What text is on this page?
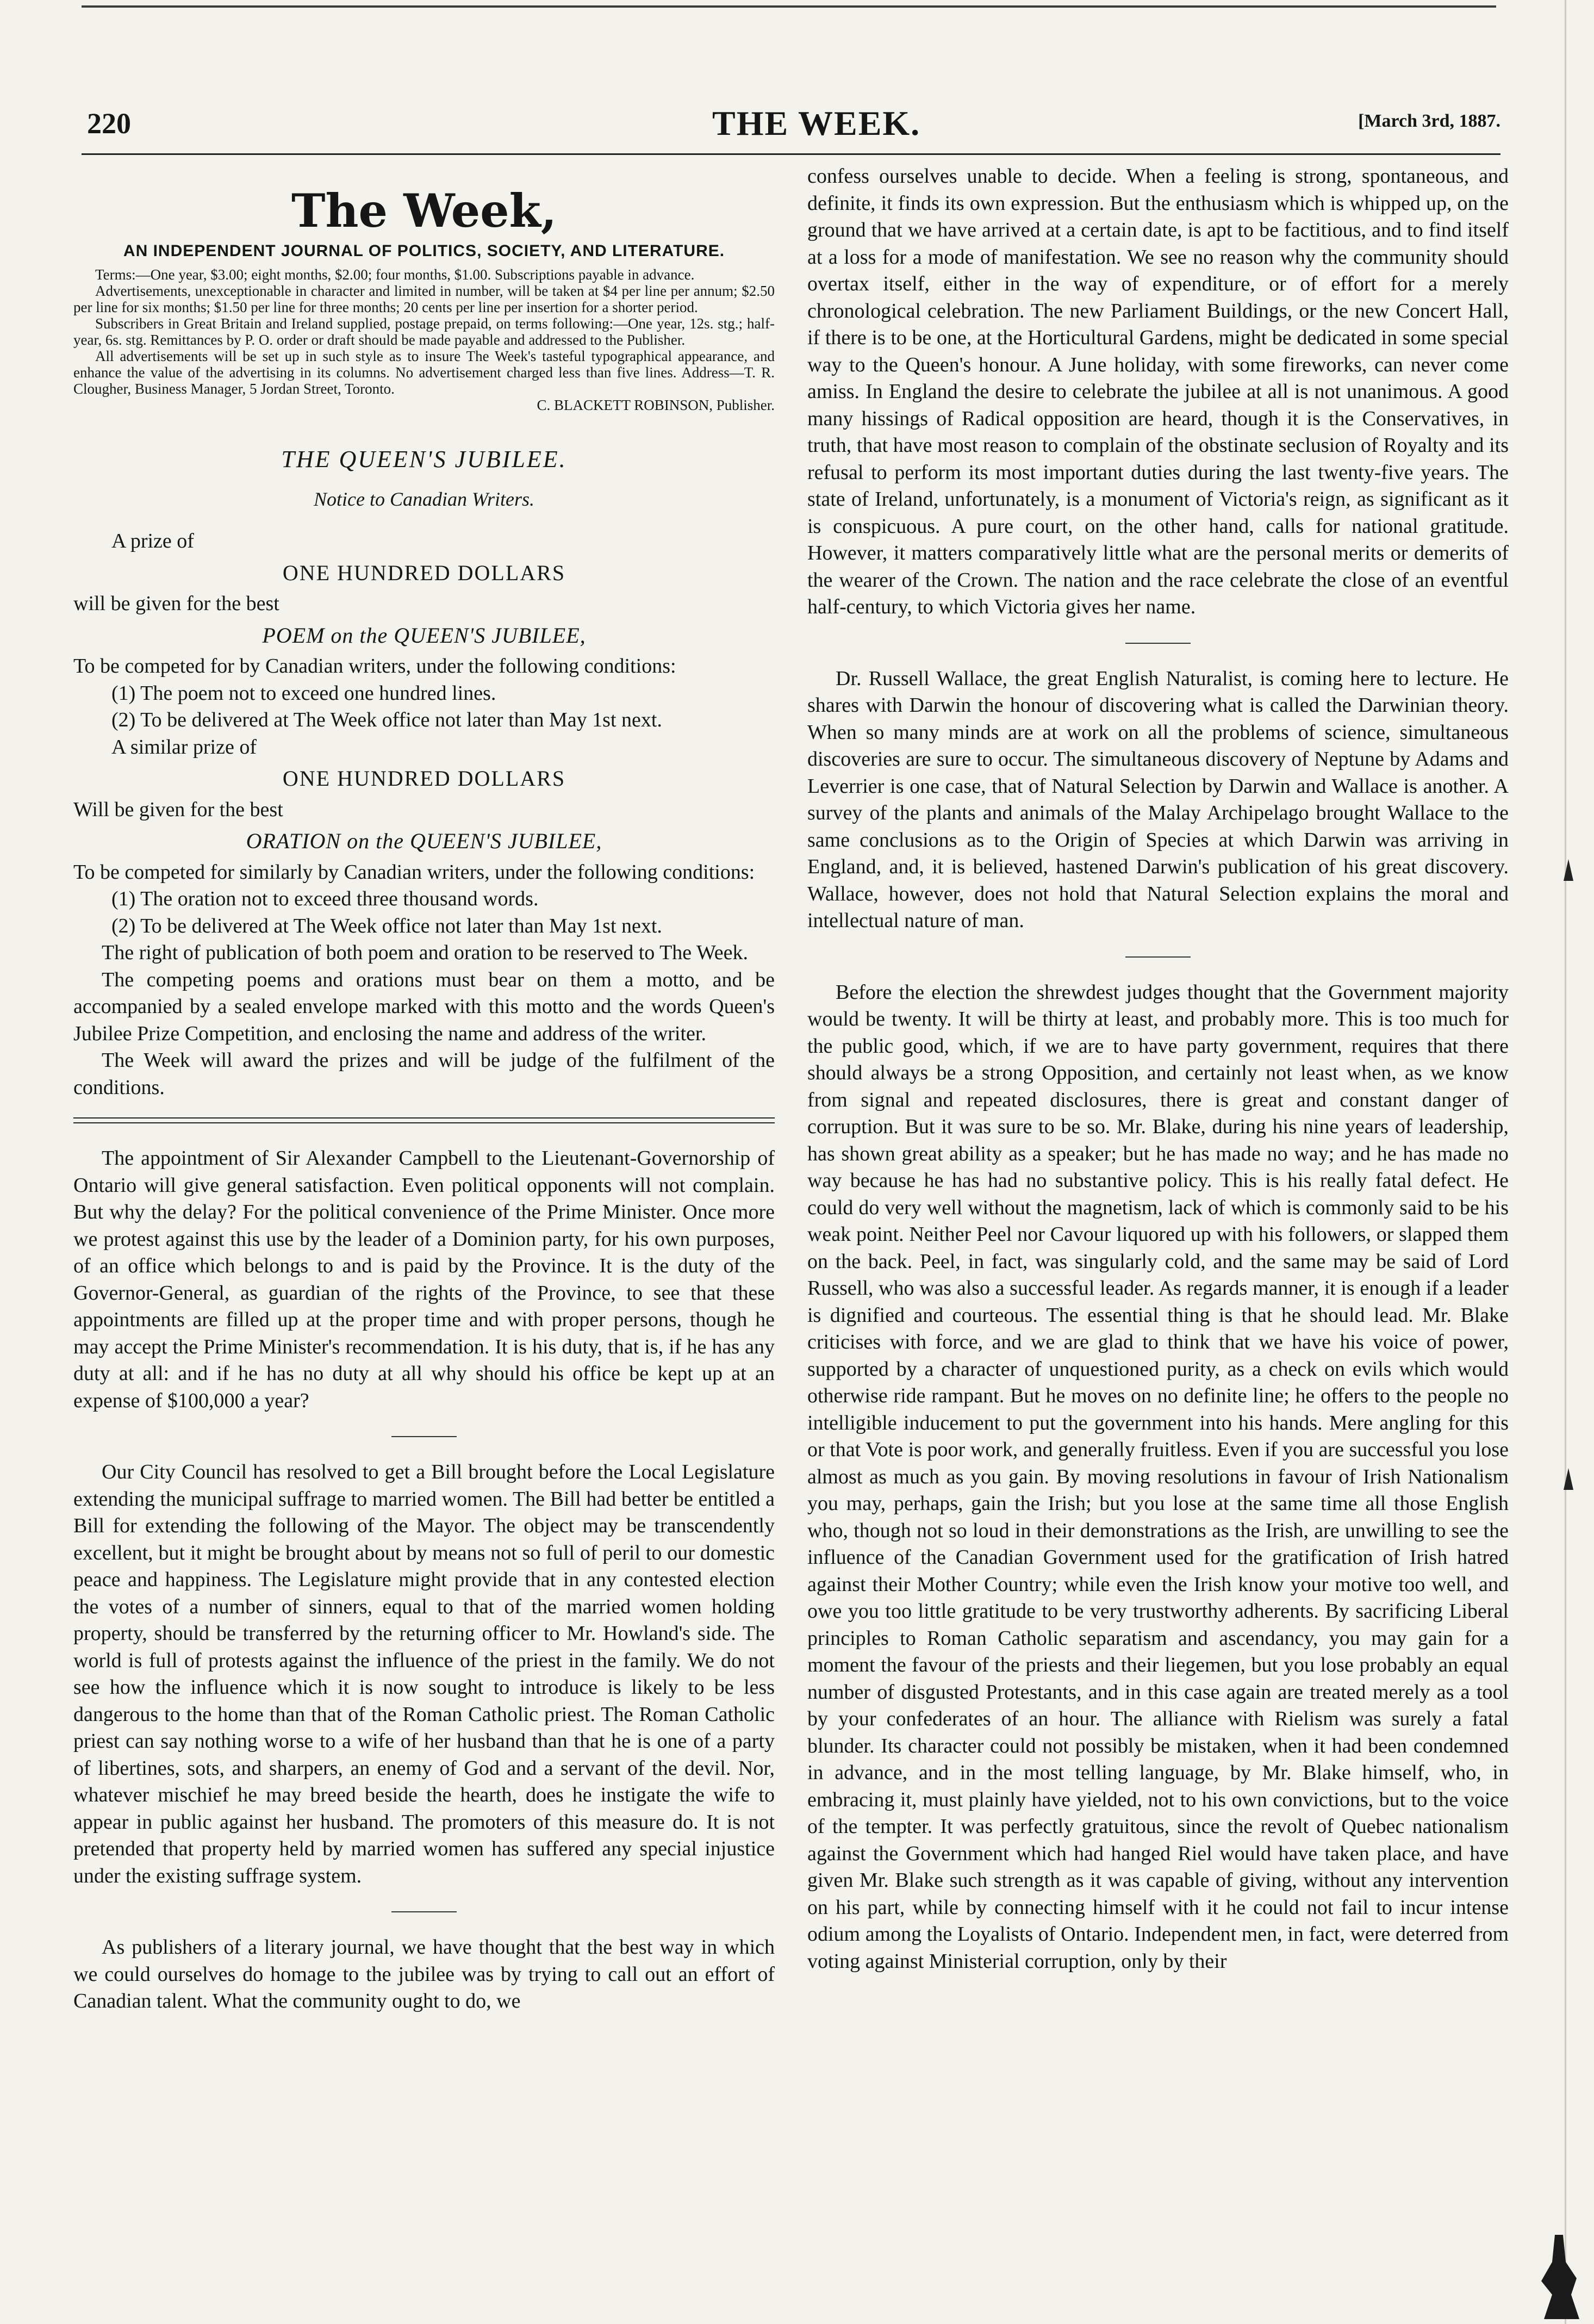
220	THE WEEK.	[March 3rd, 1887.
The Week,
AN INDEPENDENT JOURNAL OF POLITICS, SOCIETY, AND LITERATURE.

Terms:—One year, $3.00; eight months, $2.00; four months, $1.00. Subscriptions payable in advance.

Advertisements, unexceptionable in character and limited in number, will be taken at $4 per line per annum; $2.50 per line for six months; $1.50 per line for three months; 20 cents per line per insertion for a shorter period.

Subscribers in Great Britain and Ireland supplied, postage prepaid, on terms following:—One year, 12s. stg.; half-year, 6s. stg. Remittances by P. O. order or draft should be made payable and addressed to the Publisher.

All advertisements will be set up in such style as to insure The Week's tasteful typographical appearance, and enhance the value of the advertising in its columns. No advertisement charged less than five lines. Address—T. R. Clougher, Business Manager, 5 Jordan Street, Toronto.

C. BLACKETT ROBINSON, Publisher.

THE QUEEN'S JUBILEE.
Notice to Canadian Writers.

A prize of

ONE HUNDRED DOLLARS

will be given for the best

POEM on the QUEEN'S JUBILEE,

To be competed for by Canadian writers, under the following conditions:

(1) The poem not to exceed one hundred lines.

(2) To be delivered at The Week office not later than May 1st next.

A similar prize of

ONE HUNDRED DOLLARS

Will be given for the best

ORATION on the QUEEN'S JUBILEE,

To be competed for similarly by Canadian writers, under the following conditions:

(1) The oration not to exceed three thousand words.

(2) To be delivered at The Week office not later than May 1st next.

The right of publication of both poem and oration to be reserved to The Week.

The competing poems and orations must bear on them a motto, and be accompanied by a sealed envelope marked with this motto and the words Queen's Jubilee Prize Competition, and enclosing the name and address of the writer.

The Week will award the prizes and will be judge of the fulfilment of the conditions.

The appointment of Sir Alexander Campbell to the Lieutenant-Governorship of Ontario will give general satisfaction. Even political opponents will not complain. But why the delay? For the political convenience of the Prime Minister. Once more we protest against this use by the leader of a Dominion party, for his own purposes, of an office which belongs to and is paid by the Province. It is the duty of the Governor-General, as guardian of the rights of the Province, to see that these appointments are filled up at the proper time and with proper persons, though he may accept the Prime Minister's recommendation. It is his duty, that is, if he has any duty at all: and if he has no duty at all why should his office be kept up at an expense of $100,000 a year?

Our City Council has resolved to get a Bill brought before the Local Legislature extending the municipal suffrage to married women. The Bill had better be entitled a Bill for extending the following of the Mayor. The object may be transcendently excellent, but it might be brought about by means not so full of peril to our domestic peace and happiness. The Legislature might provide that in any contested election the votes of a number of sinners, equal to that of the married women holding property, should be transferred by the returning officer to Mr. Howland's side. The world is full of protests against the influence of the priest in the family. We do not see how the influence which it is now sought to introduce is likely to be less dangerous to the home than that of the Roman Catholic priest. The Roman Catholic priest can say nothing worse to a wife of her husband than that he is one of a party of libertines, sots, and sharpers, an enemy of God and a servant of the devil. Nor, whatever mischief he may breed beside the hearth, does he instigate the wife to appear in public against her husband. The promoters of this measure do. It is not pretended that property held by married women has suffered any special injustice under the existing suffrage system.

As publishers of a literary journal, we have thought that the best way in which we could ourselves do homage to the jubilee was by trying to call out an effort of Canadian talent. What the community ought to do, we

confess ourselves unable to decide. When a feeling is strong, spontaneous, and definite, it finds its own expression. But the enthusiasm which is whipped up, on the ground that we have arrived at a certain date, is apt to be factitious, and to find itself at a loss for a mode of manifestation. We see no reason why the community should overtax itself, either in the way of expenditure, or of effort for a merely chronological celebration. The new Parliament Buildings, or the new Concert Hall, if there is to be one, at the Horticultural Gardens, might be dedicated in some special way to the Queen's honour. A June holiday, with some fireworks, can never come amiss. In England the desire to celebrate the jubilee at all is not unanimous. A good many hissings of Radical opposition are heard, though it is the Conservatives, in truth, that have most reason to complain of the obstinate seclusion of Royalty and its refusal to perform its most important duties during the last twenty-five years. The state of Ireland, unfortunately, is a monument of Victoria's reign, as significant as it is conspicuous. A pure court, on the other hand, calls for national gratitude. However, it matters comparatively little what are the personal merits or demerits of the wearer of the Crown. The nation and the race celebrate the close of an eventful half-century, to which Victoria gives her name.

Dr. Russell Wallace, the great English Naturalist, is coming here to lecture. He shares with Darwin the honour of discovering what is called the Darwinian theory. When so many minds are at work on all the problems of science, simultaneous discoveries are sure to occur. The simultaneous discovery of Neptune by Adams and Leverrier is one case, that of Natural Selection by Darwin and Wallace is another. A survey of the plants and animals of the Malay Archipelago brought Wallace to the same conclusions as to the Origin of Species at which Darwin was arriving in England, and, it is believed, hastened Darwin's publication of his great discovery. Wallace, however, does not hold that Natural Selection explains the moral and intellectual nature of man.

Before the election the shrewdest judges thought that the Government majority would be twenty. It will be thirty at least, and probably more. This is too much for the public good, which, if we are to have party government, requires that there should always be a strong Opposition, and certainly not least when, as we know from signal and repeated disclosures, there is great and constant danger of corruption. But it was sure to be so. Mr. Blake, during his nine years of leadership, has shown great ability as a speaker; but he has made no way; and he has made no way because he has had no substantive policy. This is his really fatal defect. He could do very well without the magnetism, lack of which is commonly said to be his weak point. Neither Peel nor Cavour liquored up with his followers, or slapped them on the back. Peel, in fact, was singularly cold, and the same may be said of Lord Russell, who was also a successful leader. As regards manner, it is enough if a leader is dignified and courteous. The essential thing is that he should lead. Mr. Blake criticises with force, and we are glad to think that we have his voice of power, supported by a character of unquestioned purity, as a check on evils which would otherwise ride rampant. But he moves on no definite line; he offers to the people no intelligible inducement to put the government into his hands. Mere angling for this or that Vote is poor work, and generally fruitless. Even if you are successful you lose almost as much as you gain. By moving resolutions in favour of Irish Nationalism you may, perhaps, gain the Irish; but you lose at the same time all those English who, though not so loud in their demonstrations as the Irish, are unwilling to see the influence of the Canadian Government used for the gratification of Irish hatred against their Mother Country; while even the Irish know your motive too well, and owe you too little gratitude to be very trustworthy adherents. By sacrificing Liberal principles to Roman Catholic separatism and ascendancy, you may gain for a moment the favour of the priests and their liegemen, but you lose probably an equal number of disgusted Protestants, and in this case again are treated merely as a tool by your confederates of an hour. The alliance with Rielism was surely a fatal blunder. Its character could not possibly be mistaken, when it had been condemned in advance, and in the most telling language, by Mr. Blake himself, who, in embracing it, must plainly have yielded, not to his own convictions, but to the voice of the tempter. It was perfectly gratuitous, since the revolt of Quebec nationalism against the Government which had hanged Riel would have taken place, and have given Mr. Blake such strength as it was capable of giving, without any intervention on his part, while by connecting himself with it he could not fail to incur intense odium among the Loyalists of Ontario. Independent men, in fact, were deterred from voting against Ministerial corruption, only by their
